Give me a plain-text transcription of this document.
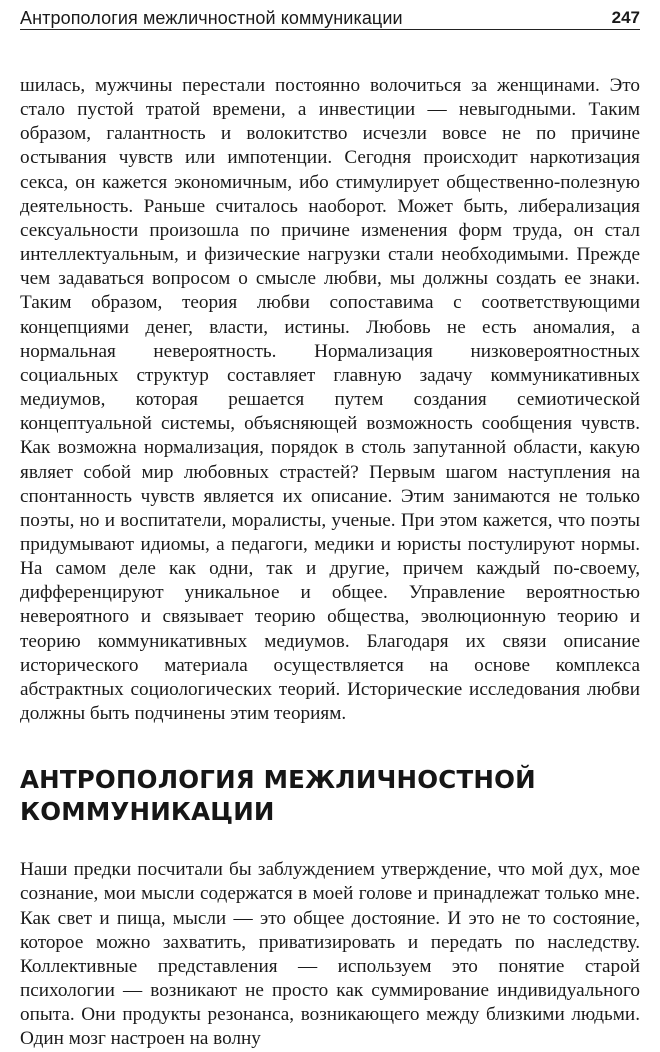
Антропология межличностной коммуникации	247

шилась, мужчины перестали постоянно волочиться за женщинами. Это стало пустой тратой времени, а инвестиции — невыгодными. Таким образом, галантность и волокитство исчезли вовсе не по причине остывания чувств или импотенции. Сегодня происходит наркотизация секса, он кажется экономичным, ибо стимулирует общественно-полезную деятельность. Раньше считалось наоборот. Может быть, либерализация сексуальности произошла по причине изменения форм труда, он стал интеллектуальным, и физические нагрузки стали необходимыми. Прежде чем задаваться вопросом о смысле любви, мы должны создать ее знаки. Таким образом, теория любви сопоставима с соответствующими концепциями денег, власти, истины. Любовь не есть аномалия, а нормальная невероятность. Нормализация низковероятностных социальных структур составляет главную задачу коммуникативных медиумов, которая решается путем создания семиотической концептуальной системы, объясняющей возможность сообщения чувств. Как возможна нормализация, порядок в столь запутанной области, какую являет собой мир любовных страстей? Первым шагом наступления на спонтанность чувств является их описание. Этим занимаются не только поэты, но и воспитатели, моралисты, ученые. При этом кажется, что поэты придумывают идиомы, а педагоги, медики и юристы постулируют нормы. На самом деле как одни, так и другие, причем каждый по-своему, дифференцируют уникальное и общее. Управление вероятностью невероятного и связывает теорию общества, эволюционную теорию и теорию коммуникативных медиумов. Благодаря их связи описание исторического материала осуществляется на основе комплекса абстрактных социологических теорий. Исторические исследования любви должны быть подчинены этим теориям.

АНТРОПОЛОГИЯ МЕЖЛИЧНОСТНОЙ КОММУНИКАЦИИ

Наши предки посчитали бы заблуждением утверждение, что мой дух, мое сознание, мои мысли содержатся в моей голове и принадлежат только мне. Как свет и пища, мысли — это общее достояние. И это не то состояние, которое можно захватить, приватизировать и передать по наследству. Коллективные представления — используем это понятие старой психологии — возникают не просто как суммирование индивидуального опыта. Они продукты резонанса, возникающего между близкими людьми. Один мозг настроен на волну
